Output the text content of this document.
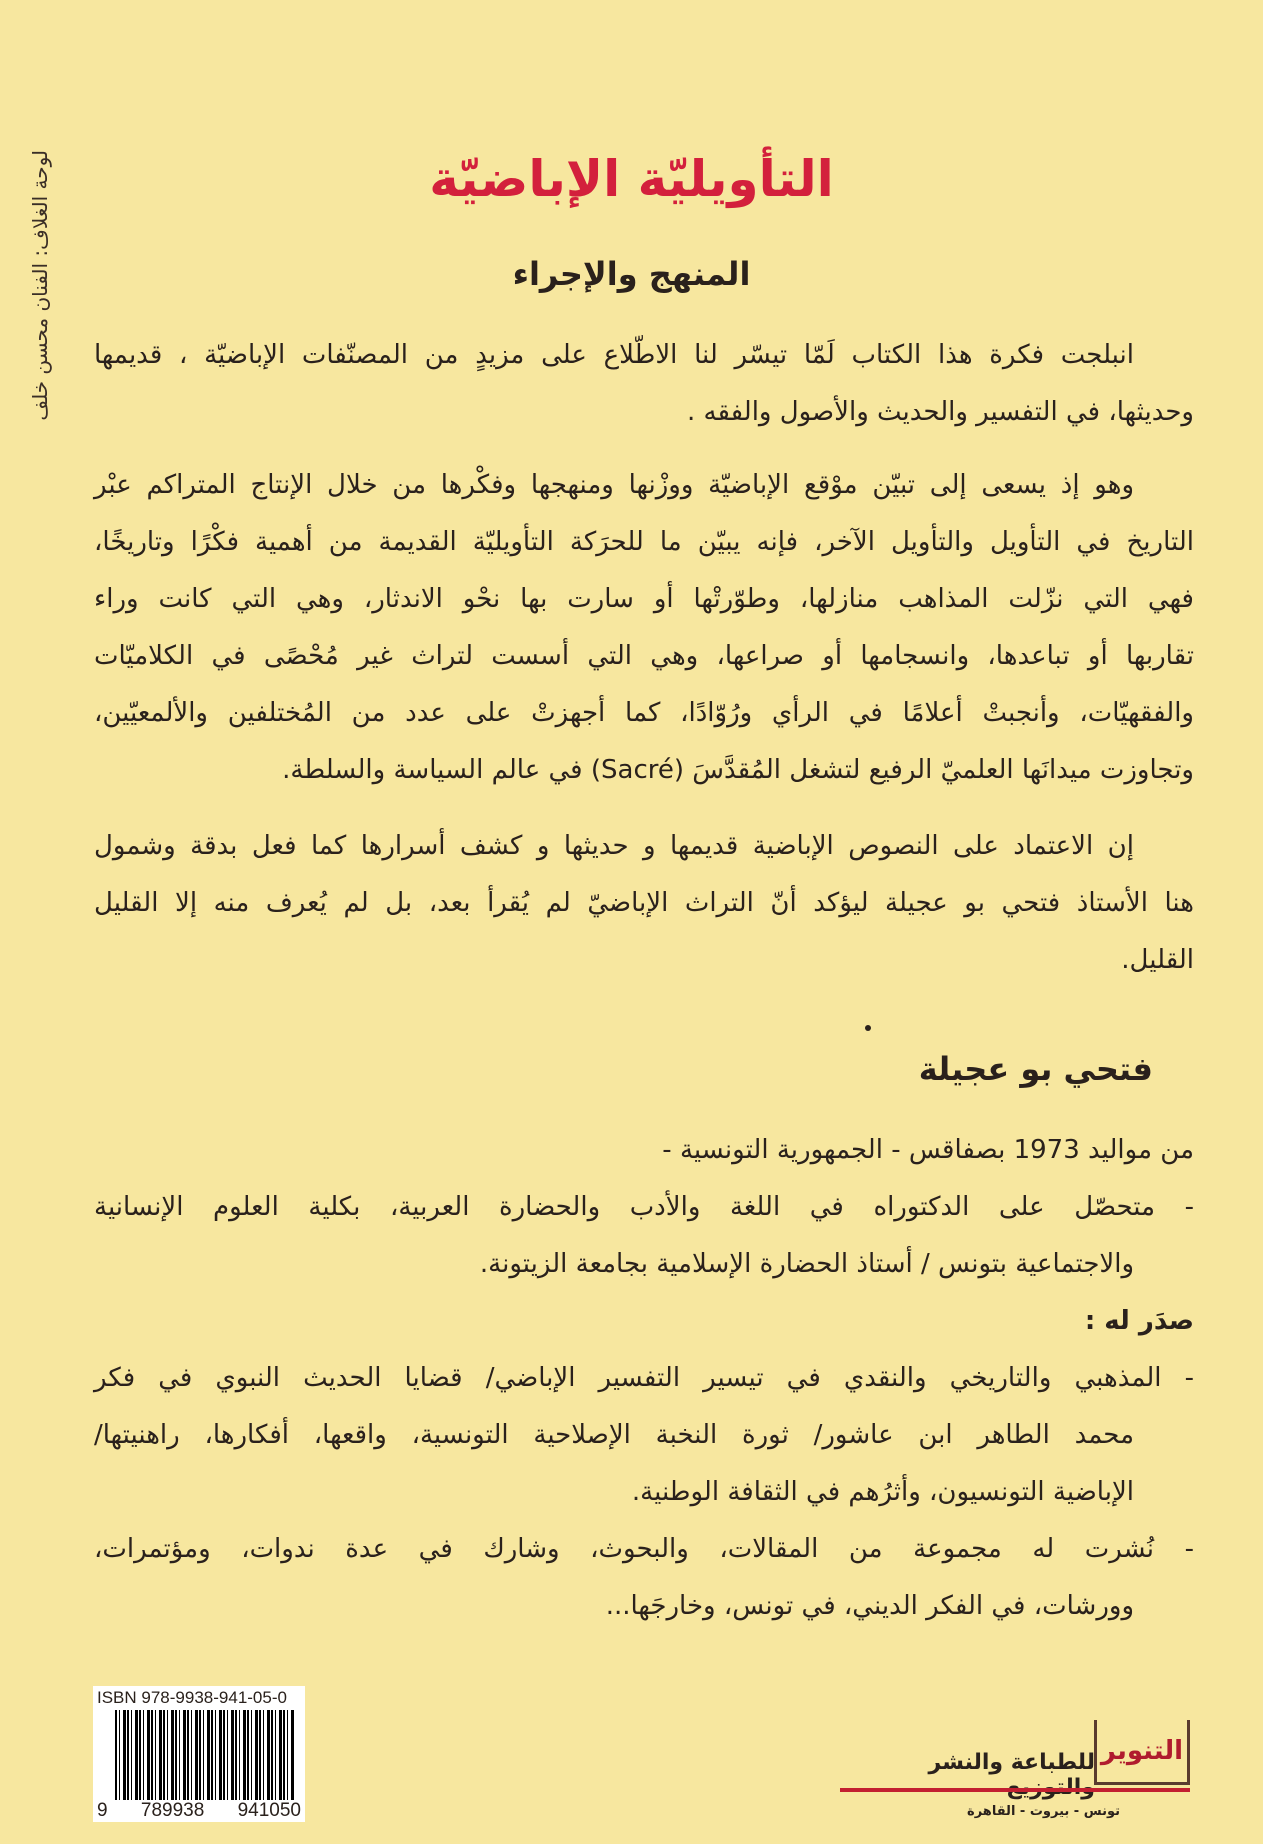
لوحة الغلاف: الفنان محسن خلف	التأويليّة الإباضيّة
المنهج والإجراء
انبلجت فكرة هذا الكتاب لَمّا تيسّر لنا الاطّلاع على مزيدٍ من المصنّفات الإباضيّة ، قديمها
وحديثها، في التفسير والحديث والأصول والفقه .
وهو إذ يسعى إلى تبيّن موْقع الإباضيّة ووزْنها ومنهجها وفكْرها من خلال الإنتاج المتراكم عبْر
التاريخ في التأويل والتأويل الآخر، فإنه يبيّن ما للحرَكة التأويليّة القديمة من أهمية فكْرًا وتاريخًا،
فهي التي نزّلت المذاهب منازلها، وطوّرتْها أو سارت بها نحْو الاندثار، وهي التي كانت وراء
تقاربها أو تباعدها، وانسجامها أو صراعها، وهي التي أسست لتراث غير مُحْصًى في الكلاميّات
والفقهيّات، وأنجبتْ أعلامًا في الرأي ورُوّادًا، كما أجهزتْ على عدد من المُختلفين والألمعيّين،
وتجاوزت ميدانَها العلميّ الرفيع لتشغل المُقدَّسَ (Sacré) في عالم السياسة والسلطة.
إن الاعتماد على النصوص الإباضية قديمها و حديثها و كشف أسرارها كما فعل بدقة وشمول
هنا الأستاذ فتحي بو عجيلة ليؤكد أنّ التراث الإباضيّ لم يُقرأ بعد، بل لم يُعرف منه إلا القليل
القليل.
فتحي بو عجيلة
من مواليد 1973 بصفاقس - الجمهورية التونسية -
- متحصّل على الدكتوراه في اللغة والأدب والحضارة العربية، بكلية العلوم الإنسانية
والاجتماعية بتونس / أستاذ الحضارة الإسلامية بجامعة الزيتونة.
صدَر له :
- المذهبي والتاريخي والنقدي في تيسير التفسير الإباضي/ قضايا الحديث النبوي في فكر
محمد الطاهر ابن عاشور/ ثورة النخبة الإصلاحية التونسية، واقعها، أفكارها، راهنيتها/
الإباضية التونسيون، وأثرُهم في الثقافة الوطنية.
- نُشرت له مجموعة من المقالات، والبحوث، وشارك في عدة ندوات، ومؤتمرات،
وورشات، في الفكر الديني، في تونس، وخارجَها...
ISBN 978-9938-941-05-0
9 789938 941050
التنوير
للطباعة والنشر
تونس - بيروت - القاهرة
